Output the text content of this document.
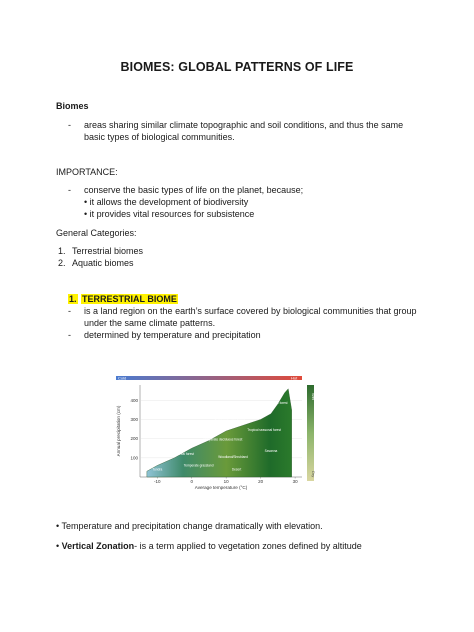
BIOMES: GLOBAL PATTERNS OF LIFE
Biomes
- areas sharing similar climate topographic and soil conditions, and thus the same
basic types of biological communities.
IMPORTANCE:
- conserve the basic types of life on the planet, because;
• it allows the development of biodiversity
• it provides vital resources for subsistence
General Categories:
1. Terrestrial biomes
2. Aquatic biomes
1. TERRESTRIAL BIOME
- is a land region on the earth’s surface covered by biological communities that group
under the same climate patterns.
- determined by temperature and precipitation
Cold	Hot
Wet
Dry
100
200
300
400
-10	0	10	20	30
Tropical rain forest
Temperate rain forest
Tropical seasonal forest
Temperate deciduous forest
Boreal forest
Tundra
Temperate grassland
Woodland/Shrubland
Savanna
Desert
Average temperature (°C)
Annual precipitation (cm)
• Temperature and precipitation change dramatically with elevation.
• Vertical Zonation- is a term applied to vegetation zones defined by altitude
